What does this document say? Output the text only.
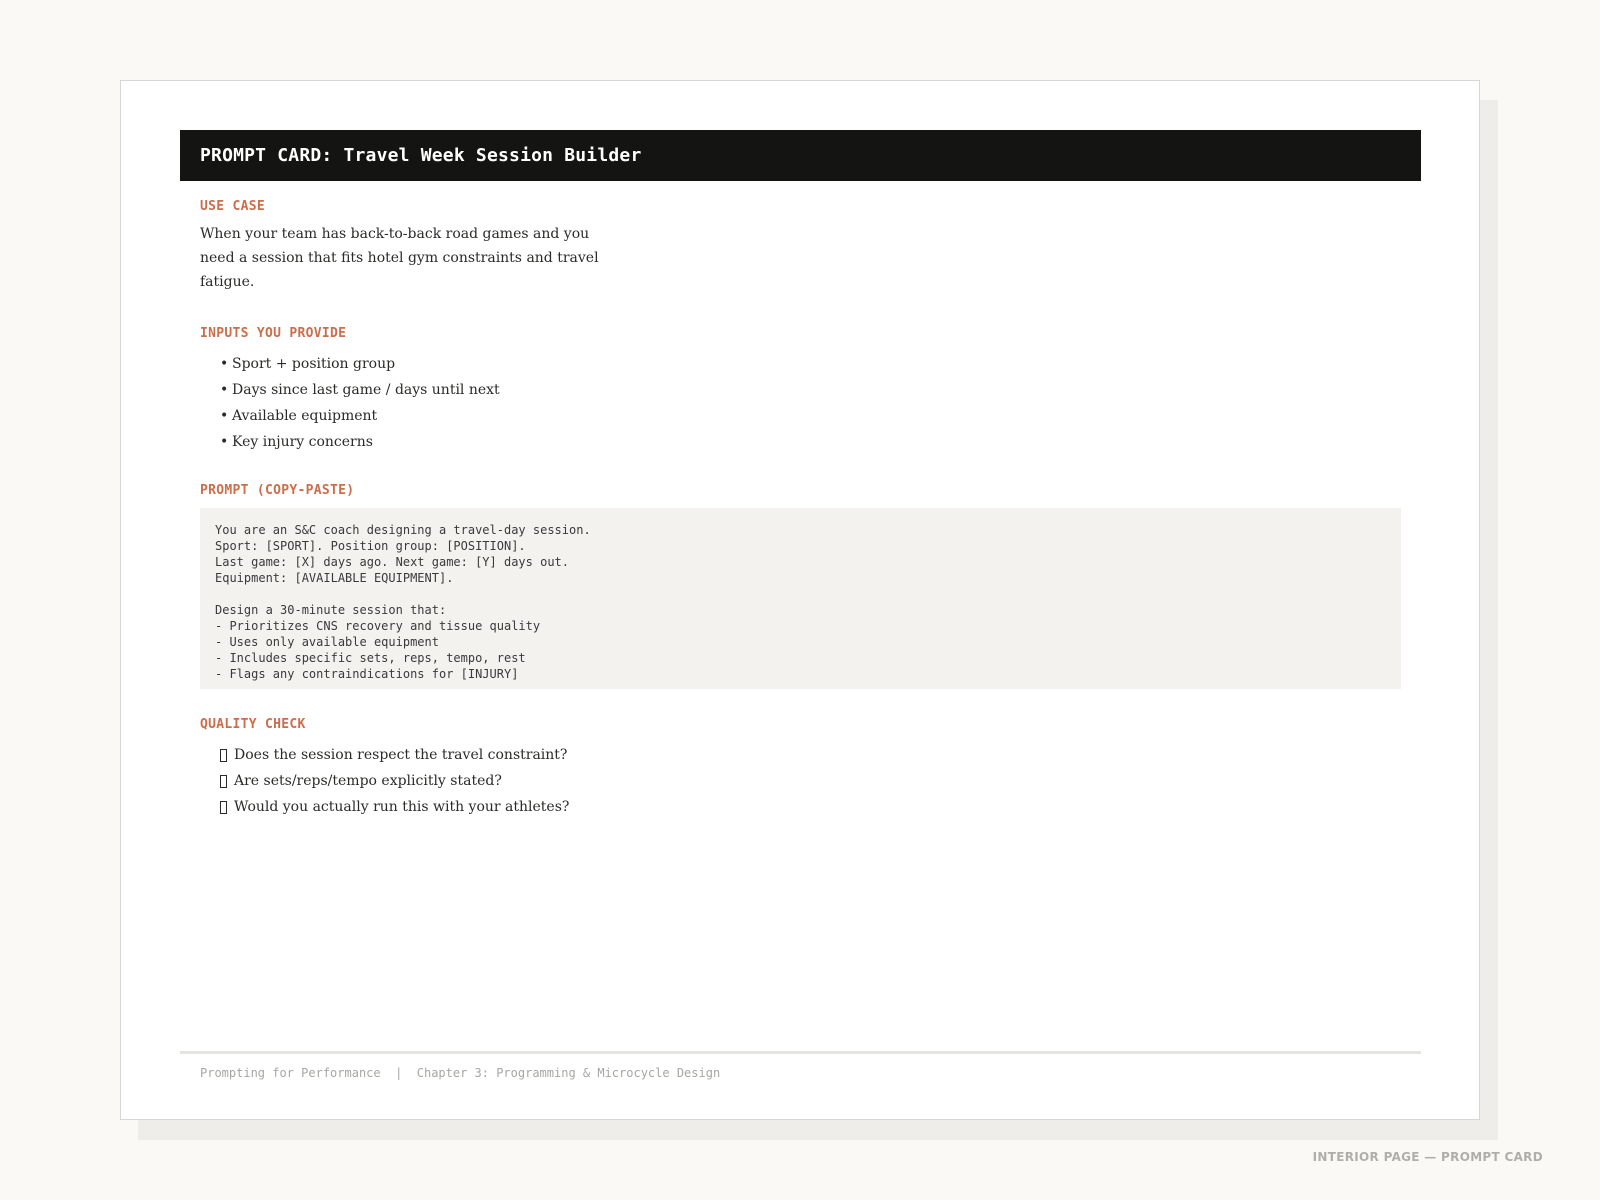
PROMPT CARD: Travel Week Session Builder
USE CASE

When your team has back-to-back road games and you need a session that fits hotel gym constraints and travel fatigue.

INPUTS YOU PROVIDE
• Sport + position group
• Days since last game / days until next
• Available equipment
• Key injury concerns
PROMPT (COPY-PASTE)
You are an S&C coach designing a travel-day session.
Sport: [SPORT]. Position group: [POSITION].
Last game: [X] days ago. Next game: [Y] days out.
Equipment: [AVAILABLE EQUIPMENT].

Design a 30-minute session that:
- Prioritizes CNS recovery and tissue quality
- Uses only available equipment
- Includes specific sets, reps, tempo, rest
- Flags any contraindications for [INJURY]
QUALITY CHECK
Does the session respect the travel constraint?
Are sets/reps/tempo explicitly stated?
Would you actually run this with your athletes?
Prompting for Performance  |  Chapter 3: Programming & Microcycle Design
INTERIOR PAGE — PROMPT CARD
